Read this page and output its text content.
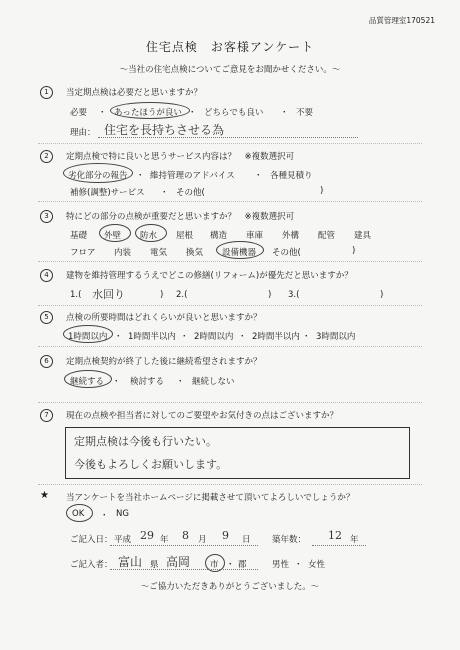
品質管理室170521
住宅点検　お客様アンケート
～当社の住宅点検についてご意見をお聞かせください。～
1	当定期点検は必要だと思いますか？
必要 ・ あったほうが良い ・ どちらでも良い ・ 不要
理由： 住宅を長持ちさせる為
2	定期点検で特に良いと思うサービス内容は？　※複数選択可
劣化部分の報告 ・ 維持管理のアドバイス ・ 各種見積り
補修(調整)サービス ・ その他(	)
3	特にどの部分の点検が重要だと思いますか？　※複数選択可
基礎 外壁 防水 屋根 構造 車庫 外構 配管 建具
フロア 内装 電気 換気 設備機器 その他(	)
4	建物を維持管理するうえでどこの修繕(リフォーム)が優先だと思いますか？
1.( 水回り	) 2.(	) 3.(	)
5	点検の所要時間はどれくらいが良いと思いますか？
1時間以内 ・ 1時間半以内 ・ 2時間以内 ・ 2時間半以内 ・ 3時間以内
6	定期点検契約が終了した後に継続希望されますか？
継続する ・ 検討する ・ 継続しない
7	現在の点検や担当者に対してのご要望やお気付きの点はございますか？
定期点検は今後も行いたい。
今後もよろしくお願いします。
★ 当アンケートを当社ホームページに掲載させて頂いてよろしいでしょうか？
OK ・ NG
ご記入日： 平成 29 年 8 月 9 日	築年数： 12 年
ご記入者： 富山 県 高岡 市 ・ 郡	男性 ・ 女性
～ご協力いただきありがとうございました。～
